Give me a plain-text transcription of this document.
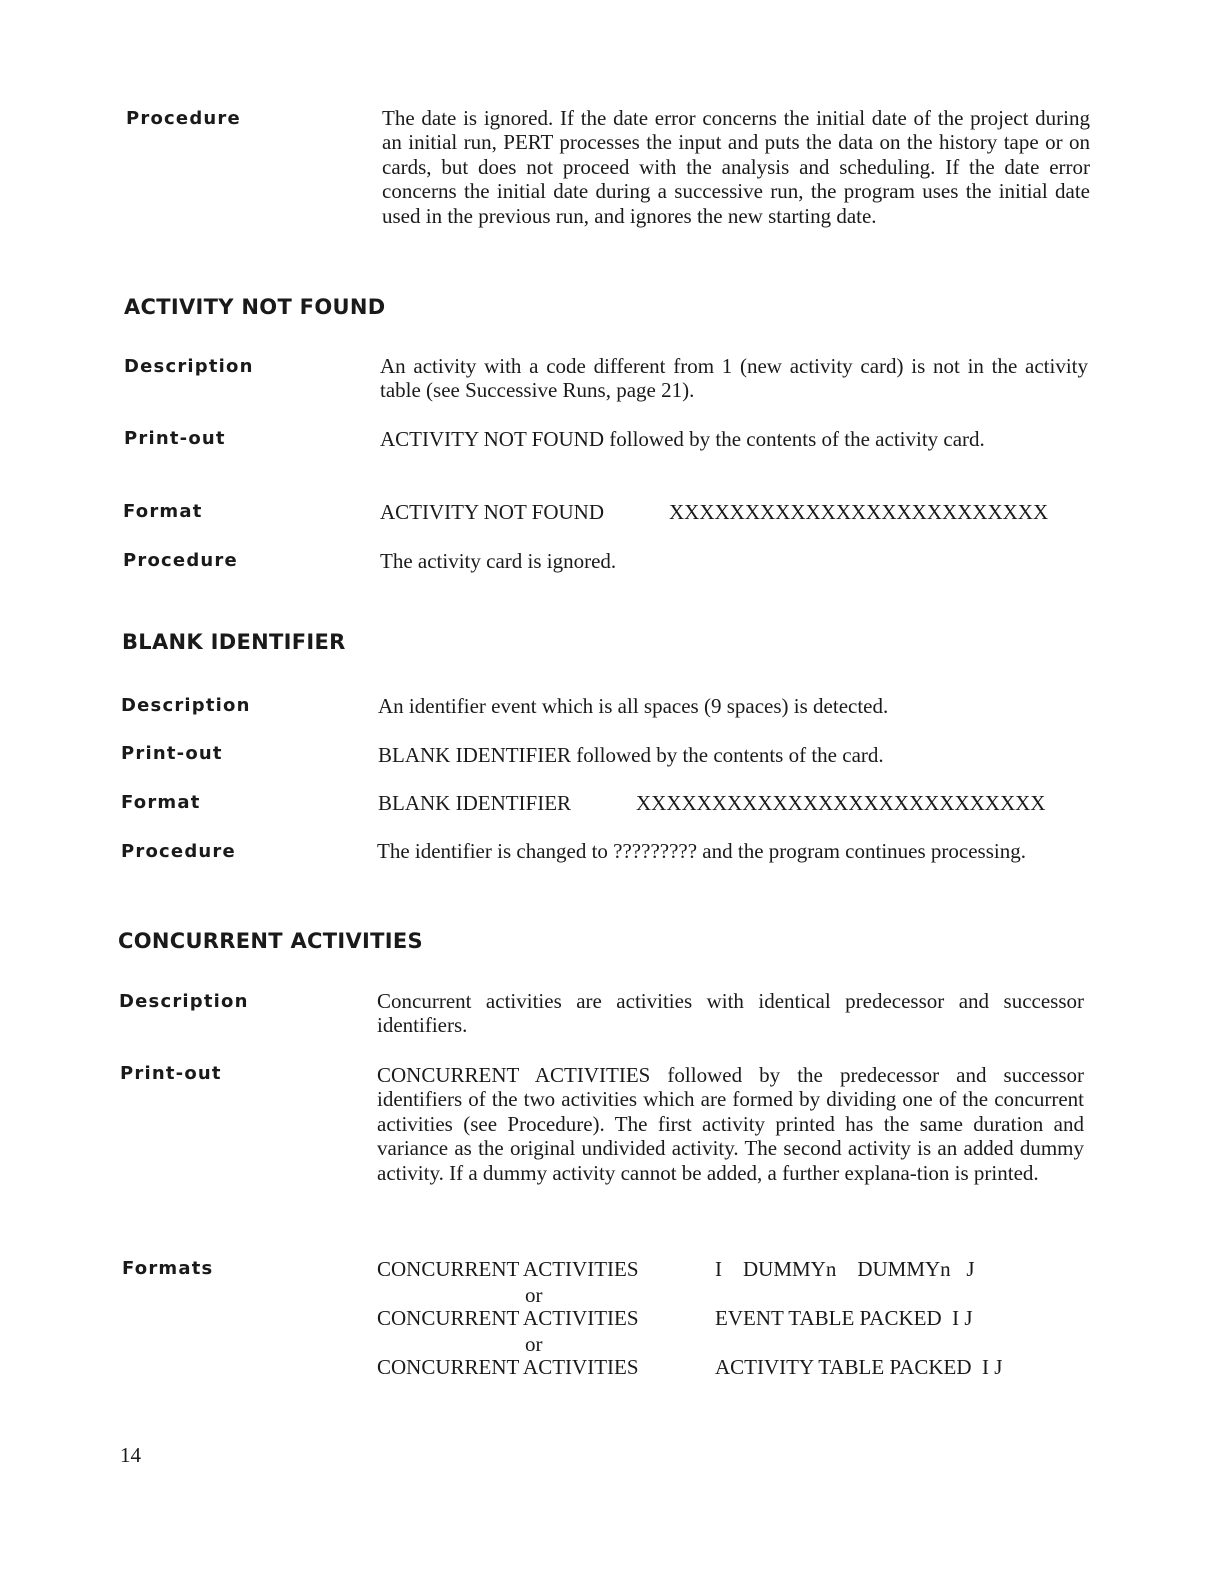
Procedure	The date is ignored. If the date error concerns the initial date of the project during an initial run, PERT processes the input and puts the data on the history tape or on cards, but does not proceed with the analysis and scheduling. If the date error concerns the initial date during a successive run, the program uses the initial date used in the previous run, and ignores the new starting date.
ACTIVITY NOT FOUND
Description	An activity with a code different from 1 (new activity card) is not in the activity table (see Successive Runs, page 21).
Print-out	ACTIVITY NOT FOUND followed by the contents of the activity card.
Format	ACTIVITY NOT FOUND	XXXXXXXXXXXXXXXXXXXXXXXXX
Procedure	The activity card is ignored.
BLANK IDENTIFIER
Description	An identifier event which is all spaces (9 spaces) is detected.
Print-out	BLANK IDENTIFIER followed by the contents of the card.
Format	BLANK IDENTIFIER	XXXXXXXXXXXXXXXXXXXXXXXXXXX
Procedure	The identifier is changed to ????????? and the program continues processing.
CONCURRENT ACTIVITIES
Description	Concurrent activities are activities with identical predecessor and successor identifiers.
Print-out	CONCURRENT ACTIVITIES followed by the predecessor and successor identifiers of the two activities which are formed by dividing one of the concurrent activities (see Procedure). The first activity printed has the same duration and variance as the original undivided activity. The second activity is an added dummy activity. If a dummy activity cannot be added, a further explana-tion is printed.
Formats	CONCURRENT ACTIVITIES	I    DUMMYn    DUMMYn   J
or
CONCURRENT ACTIVITIES	EVENT TABLE PACKED  I J
or
CONCURRENT ACTIVITIES	ACTIVITY TABLE PACKED  I J
14
